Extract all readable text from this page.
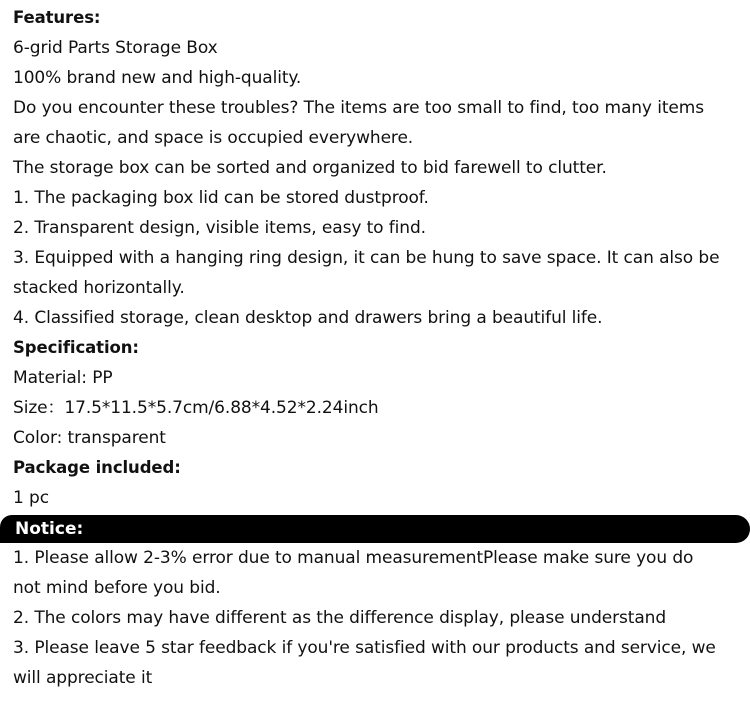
Features:
6-grid Parts Storage Box
100% brand new and high-quality.
Do you encounter these troubles? The items are too small to find, too many items
are chaotic, and space is occupied everywhere.
The storage box can be sorted and organized to bid farewell to clutter.
1. The packaging box lid can be stored dustproof.
2. Transparent design, visible items, easy to find.
3. Equipped with a hanging ring design, it can be hung to save space. It can also be
stacked horizontally.
4. Classified storage, clean desktop and drawers bring a beautiful life.
Specification:
Material: PP
Size：17.5*11.5*5.7cm/6.88*4.52*2.24inch
Color: transparent
Package included:
1 pc
Notice:
1. Please allow 2-3% error due to manual measurementPlease make sure you do
not mind before you bid.
2. The colors may have different as the difference display, please understand
3. Please leave 5 star feedback if you're satisfied with our products and service, we
will appreciate it
